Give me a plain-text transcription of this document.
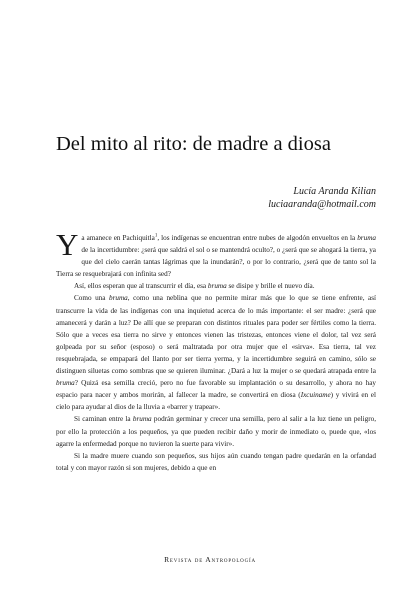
Del mito al rito: de madre a diosa
Lucía Aranda Kilian
luciaaranda@hotmail.com

Ya amanece en Pachiquitla$^1$, los indígenas se encuentran entre nubes de algodón envueltos en la bruma de la incertidumbre: ¿será que saldrá el sol o se mantendrá oculto?, o ¿será que se ahogará la tierra, ya que del cielo caerán tantas lágrimas que la inundarán?, o por lo contrario, ¿será que de tanto sol la Tierra se resquebrajará con infinita sed?

Así, ellos esperan que al transcurrir el día, esa bruma se disipe y brille el nuevo día.

Como una bruma, como una neblina que no permite mirar más que lo que se tiene enfrente, así transcurre la vida de las indígenas con una inquietud acerca de lo más importante: el ser madre: ¿será que amanecerá y darán a luz? De allí que se preparan con distintos rituales para poder ser fértiles como la tierra. Sólo que a veces esa tierra no sirve y entonces vienen las tristezas, entonces viene el dolor, tal vez será golpeada por su señor (esposo) o será maltratada por otra mujer que el «sirva». Esa tierra, tal vez resquebrajada, se empapará del llanto por ser tierra yerma, y la incertidumbre seguirá en camino, sólo se distinguen siluetas como sombras que se quieren iluminar. ¿Dará a luz la mujer o se quedará atrapada entre la bruma? Quizá esa semilla creció, pero no fue favorable su implantación o su desarrollo, y ahora no hay espacio para nacer y ambos morirán, al fallecer la madre, se convertirá en diosa (Ixcuiname) y vivirá en el cielo para ayudar al dios de la lluvia a «barrer y trapear».

Si caminan entre la bruma podrán germinar y crecer una semilla, pero al salir a la luz tiene un peligro, por ello la protección a los pequeños, ya que pueden recibir daño y morir de inmediato o, puede que, «los agarre la enfermedad porque no tuvieron la suerte para vivir».

Si la madre muere cuando son pequeños, sus hijos aún cuando tengan padre quedarán en la orfandad total y con mayor razón si son mujeres, debido a que en

Revista de Antropología
